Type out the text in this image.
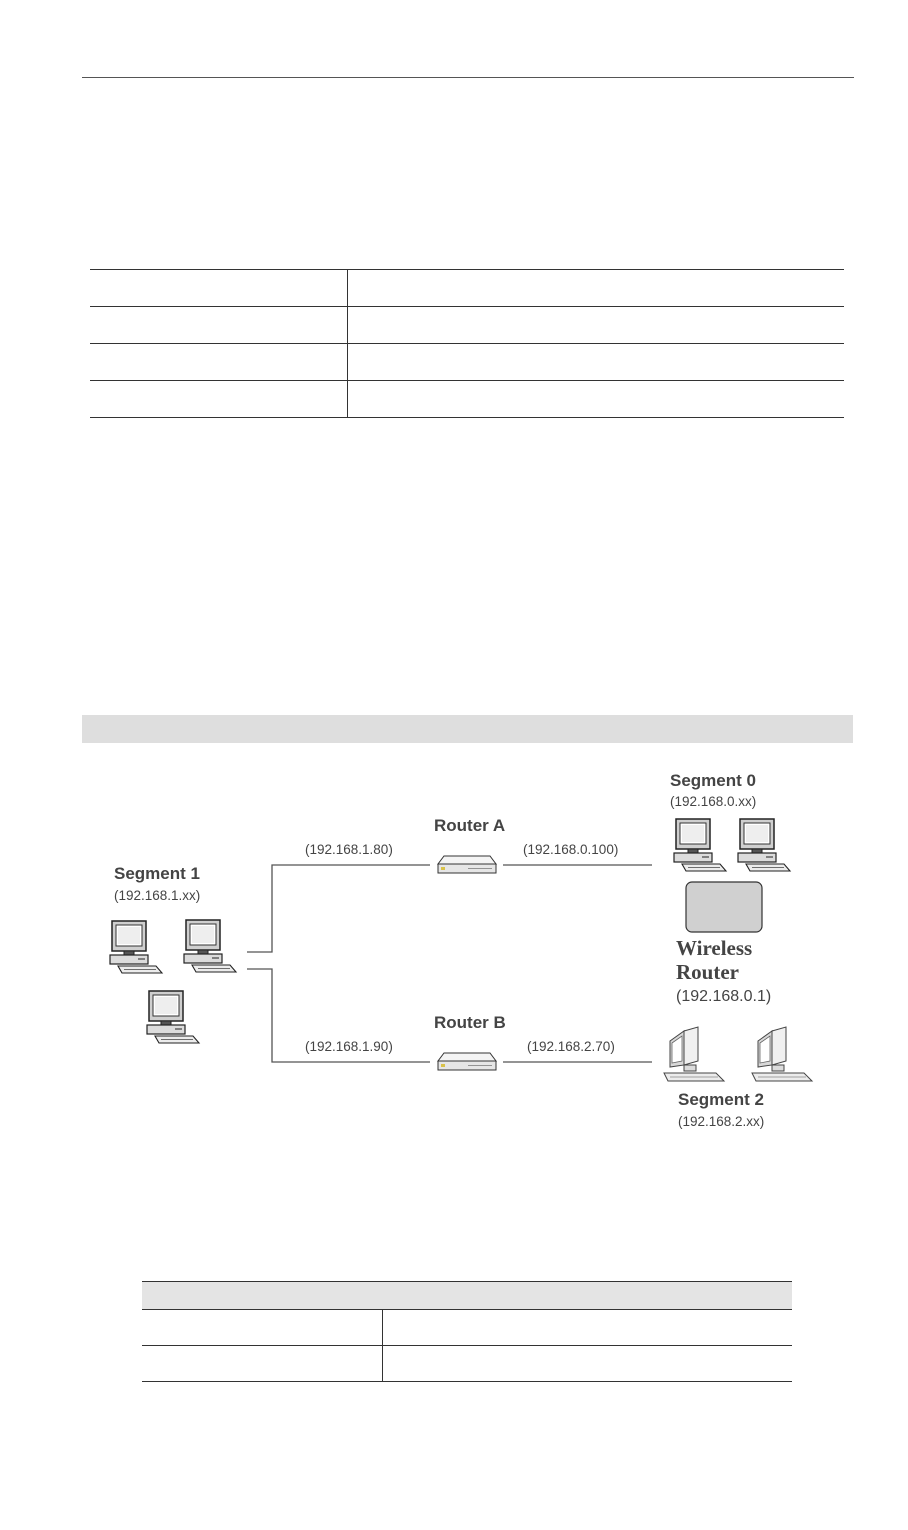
Segment 1
(192.168.1.xx)
Router A
(192.168.1.80)	(192.168.0.100)
Router B
(192.168.1.90)	(192.168.2.70)
Segment 0
(192.168.0.xx)
Wireless
Router
(192.168.0.1)
Segment 2
(192.168.2.xx)
